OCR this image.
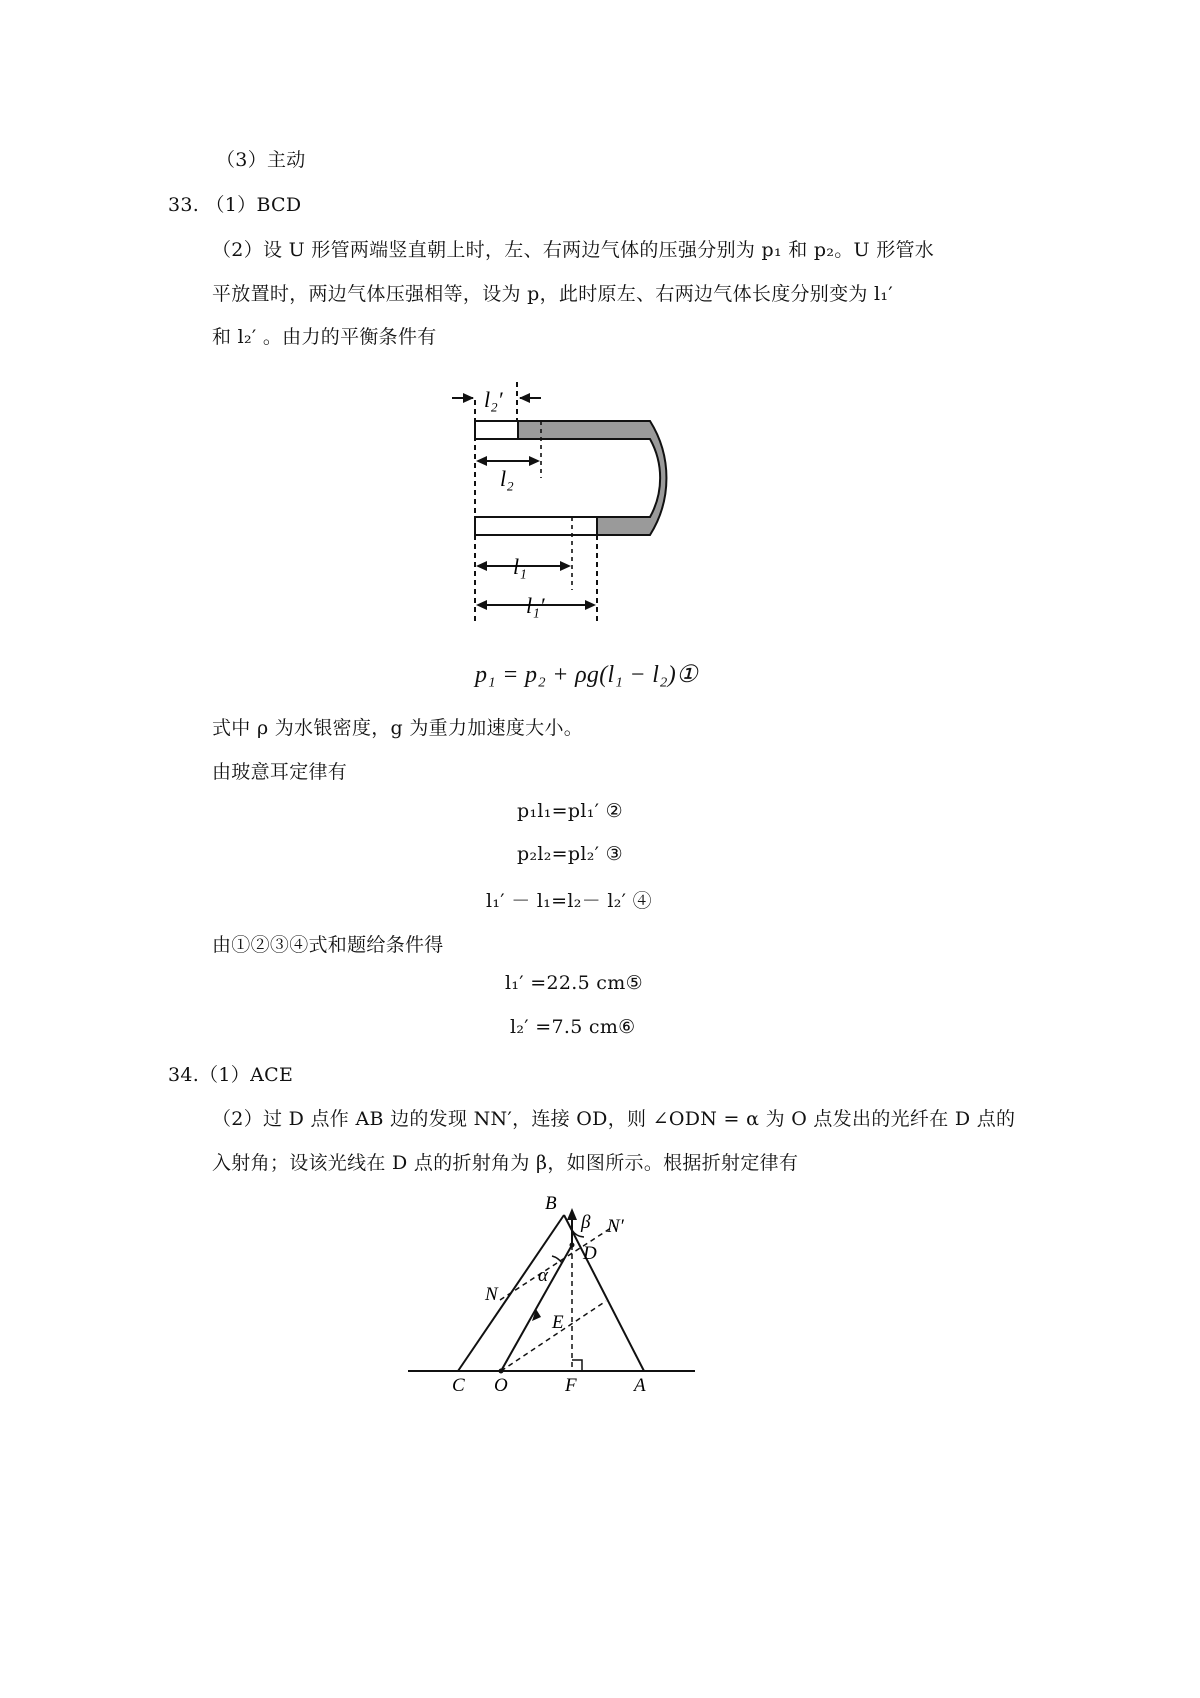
（3）主动
33. （1）BCD
（2）设 U 形管两端竖直朝上时，左、右两边气体的压强分别为 p₁ 和 p₂。U 形管水
平放置时，两边气体压强相等，设为 p，此时原左、右两边气体长度分别变为 l₁′
和 l₂′ 。由力的平衡条件有
l₂′
l₂
l₁
l₁′
p₁ = p₂ + ρg(l₁ − l₂)①
式中 ρ 为水银密度，g 为重力加速度大小。
由玻意耳定律有
p₁l₁=pl₁′ ②
p₂l₂=pl₂′ ③
l₁′ － l₁=l₂－ l₂′ ④
由①②③④式和题给条件得
l₁′ =22.5 cm⑤
l₂′ =7.5 cm⑥
34.（1）ACE
（2）过 D 点作 AB 边的发现 NN′，连接 OD，则 ∠ODN = α 为 O 点发出的光纤在 D 点的
入射角；设该光线在 D 点的折射角为 β，如图所示。根据折射定律有
B
β N′
D
α
N
E
C O	F	A
